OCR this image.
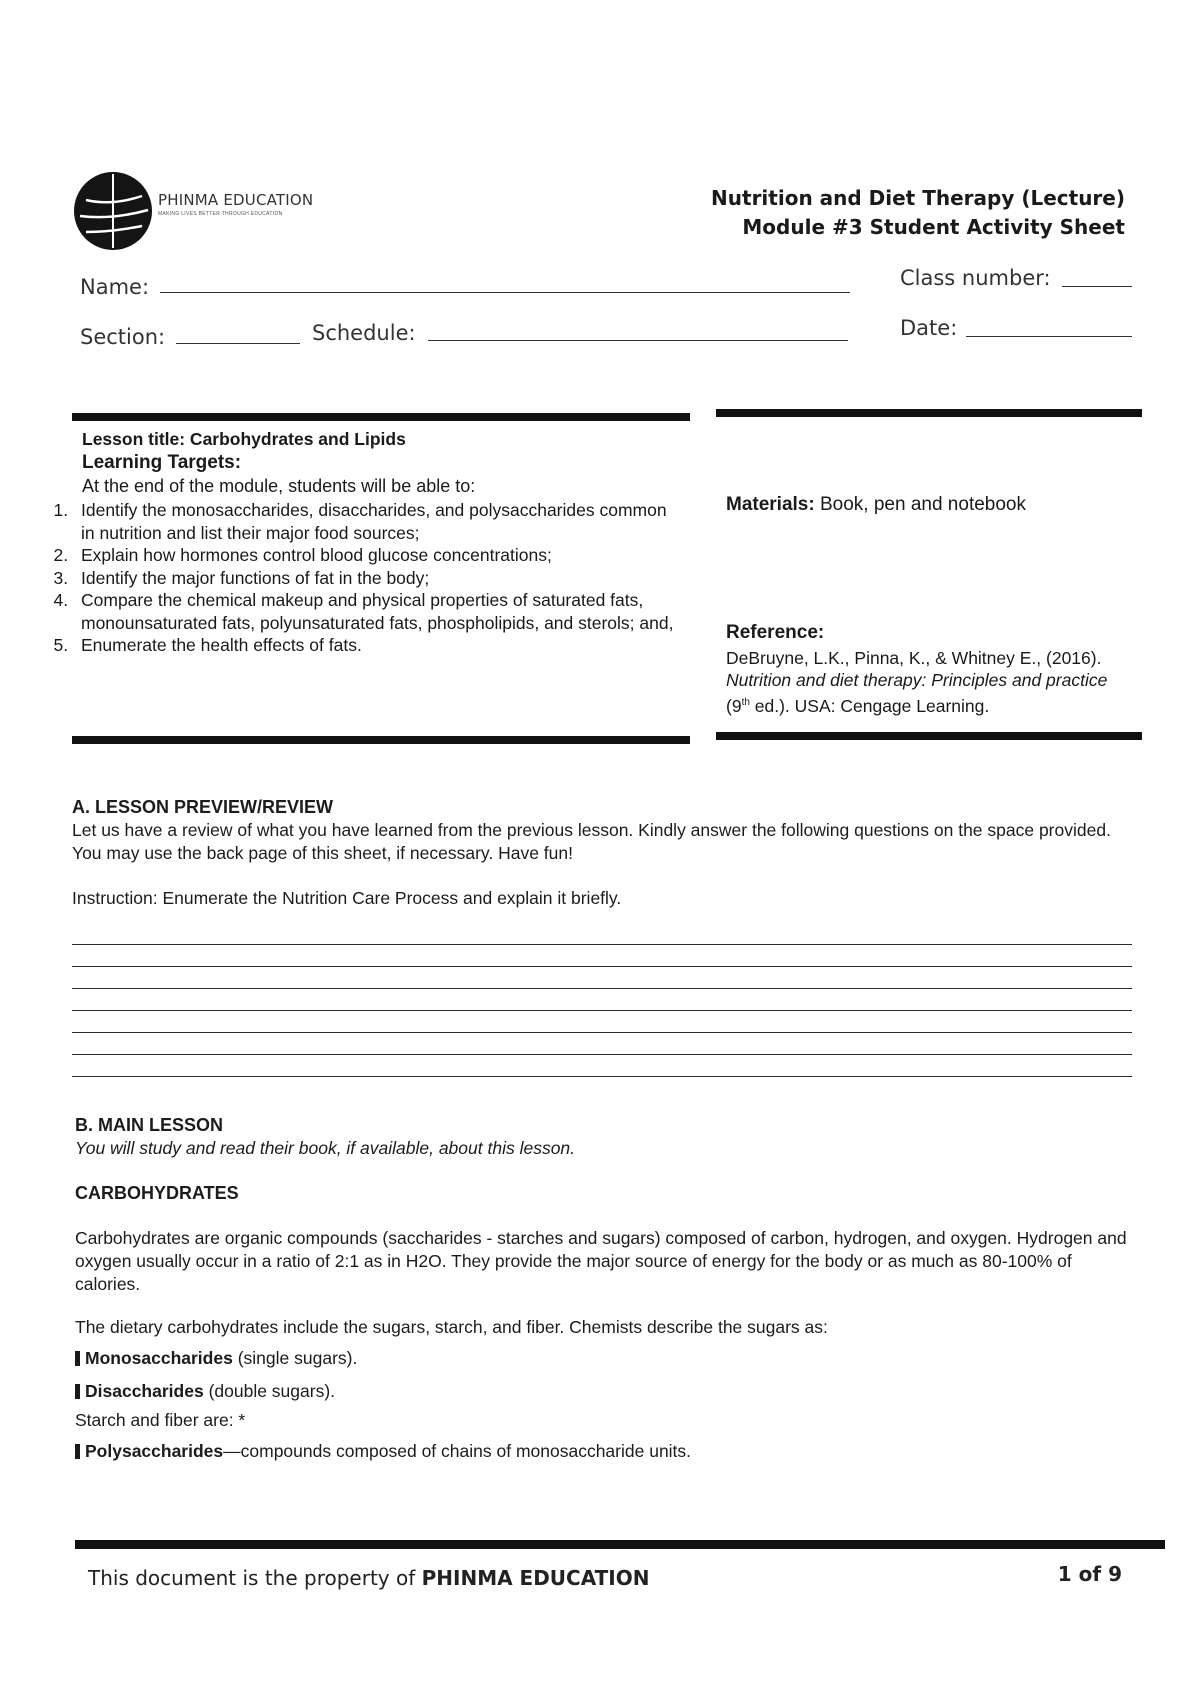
PHINMA EDUCATION
MAKING LIVES BETTER THROUGH EDUCATION
Nutrition and Diet Therapy (Lecture)
Module #3 Student Activity Sheet
Name:	Class number:
Section:	Schedule:	Date:
Lesson title: Carbohydrates and Lipids
Learning Targets:
At the end of the module, students will be able to:
1. Identify the monosaccharides, disaccharides, and polysaccharides common in nutrition and list their major food sources;
2. Explain how hormones control blood glucose concentrations;
3. Identify the major functions of fat in the body;
4. Compare the chemical makeup and physical properties of saturated fats, monounsaturated fats, polyunsaturated fats, phospholipids, and sterols; and,
5. Enumerate the health effects of fats.
Materials: Book, pen and notebook
Reference:
DeBruyne, L.K., Pinna, K., & Whitney E., (2016). Nutrition and diet therapy: Principles and practice (9th ed.). USA: Cengage Learning.
A. LESSON PREVIEW/REVIEW
Let us have a review of what you have learned from the previous lesson. Kindly answer the following questions on the space provided. You may use the back page of this sheet, if necessary. Have fun!
Instruction: Enumerate the Nutrition Care Process and explain it briefly.
B. MAIN LESSON
You will study and read their book, if available, about this lesson.
CARBOHYDRATES
Carbohydrates are organic compounds (saccharides - starches and sugars) composed of carbon, hydrogen, and oxygen. Hydrogen and oxygen usually occur in a ratio of 2:1 as in H2O. They provide the major source of energy for the body or as much as 80-100% of calories.
The dietary carbohydrates include the sugars, starch, and fiber. Chemists describe the sugars as:
Monosaccharides (single sugars).
Disaccharides (double sugars).
Starch and fiber are: *
Polysaccharides—compounds composed of chains of monosaccharide units.
This document is the property of PHINMA EDUCATION	1 of 9
